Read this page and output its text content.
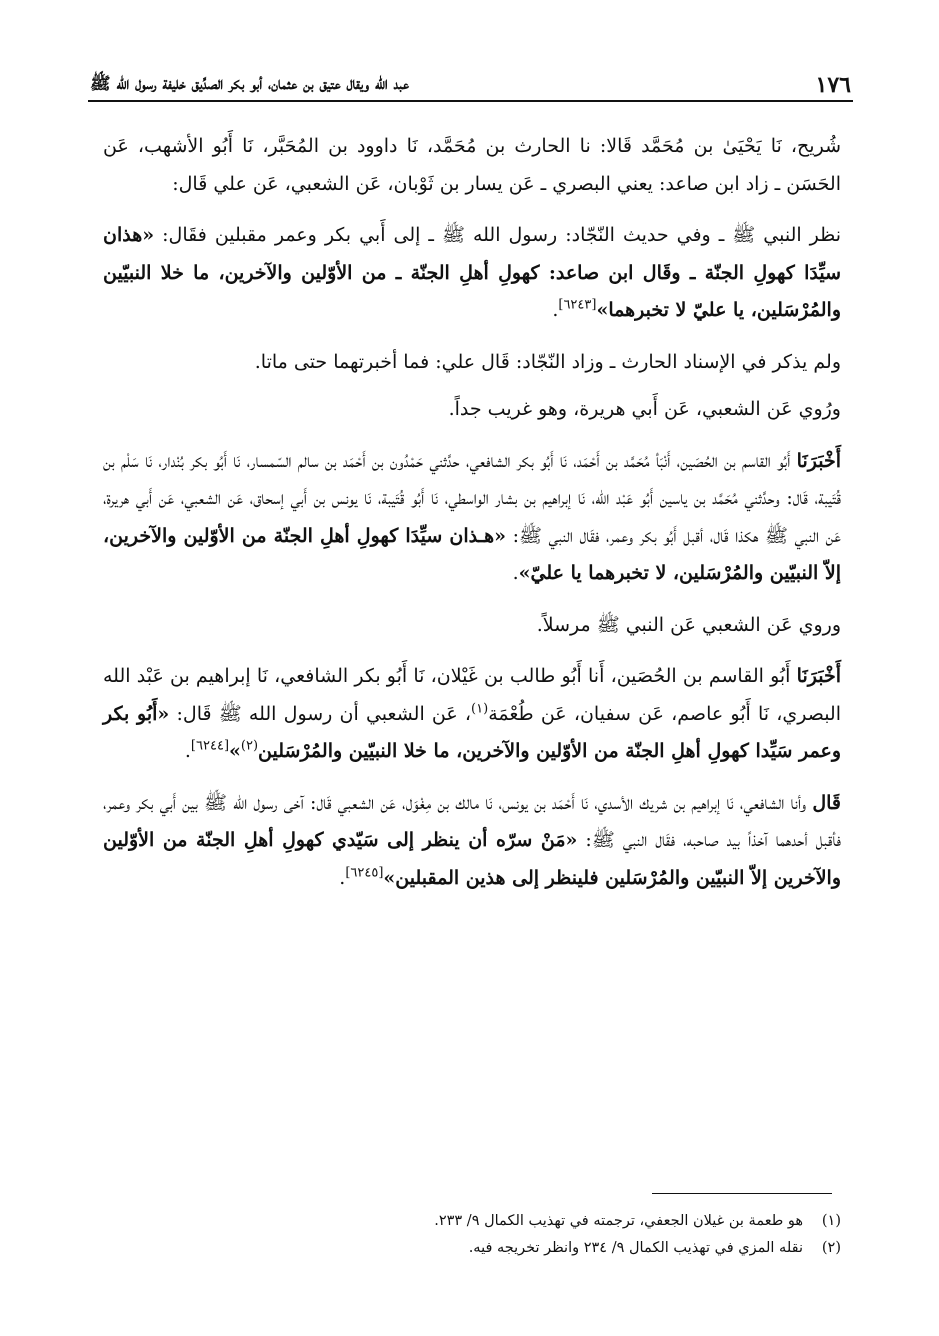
١٧٦
عبد الله ويقال عتيق بن عثمان، أبو بكر الصدِّيق خليفة رسول الله ﷺ

شُريح، نَا يَحْيَىٰ بن مُحَمَّد قَالا: نا الحارث بن مُحَمَّد، نَا داوود بن المُحَبَّر، نَا أَبُو الأشهب، عَن الحَسَن ـ زاد ابن صاعد: يعني البصري ـ عَن يسار بن ثَوْبان، عَن الشعبي، عَن علي قَال:

نظر النبي ﷺ ـ وفي حديث النّجّاد: رسول الله ﷺ ـ إلى أَبي بكر وعمر مقبلين فقَال: «هذان سيِّدَا كهولِ الجنّة ـ وقَال ابن صاعد: كهولِ أهلِ الجنّة ـ من الأوّلين والآخرين، ما خلا النبيّين والمُرْسَلين، يا عليّ لا تخبرهما»[٦٢٤٣].

ولم يذكر في الإسناد الحارث ـ وزاد النّجّاد: قَال علي: فما أخبرتهما حتى ماتا.

ورُوي عَن الشعبي، عَن أَبي هريرة، وهو غريب جداً.

أَخْبَرَنَا أَبُو القاسم بن الحُصَين، أَنْبَأ مُحَمَّد بن أَحْمَد، نَا أَبُو بكر الشافعي، حدَّثني حَمْدُون بن أَحْمَد بن سالم السّمسار، نَا أَبُو بكر بُنْدار، نَا سَلْم بن قُتَيبة، قَال: وحدَّثني مُحَمَّد بن ياسين أَبُو عَبْد الله، نَا إبراهيم بن بشار الواسطي، نَا أَبُو قُتَيبة، نَا يونس بن أَبي إسحاق، عَن الشعبي، عَن أَبي هريرة، عَن النبي ﷺ هكذا قَال، أقبل أَبُو بكر وعمر، فقَال النبي ﷺ: «هـذان سيِّدَا كهولِ أهلِ الجنّة من الأوّلين والآخرين، إلاّ النبيّين والمُرْسَلين، لا تخبرهما يا عليّ».

وروي عَن الشعبي عَن النبي ﷺ مرسلاً.

أَخْبَرَنَا أَبُو القاسم بن الحُصَين، أَنا أَبُو طالب بن غَيْلان، نَا أَبُو بكر الشافعي، نَا إبراهيم بن عَبْد الله البصري، نَا أَبُو عاصم، عَن سفيان، عَن طُعْمَة$^{(١)}$، عَن الشعبي أن رسول الله ﷺ قَال: «أَبُو بكر وعمر سَيِّدا كهولِ أهلِ الجنّة من الأوّلين والآخرين، ما خلا النبيّين والمُرْسَلين$^{(٢)}$»[٦٢٤٤].

قَال وأنا الشافعي، نَا إبراهيم بن شريك الأسدي، نَا أَحْمَد بن يونس، نَا مالك بن مِغْوَل، عَن الشعبي قَال: آخى رسول الله ﷺ بين أَبي بكر وعمر، فأقبل أحدهما آخذاً بيد صاحبه، فقَال النبي ﷺ: «مَنْ سرّه أن ينظر إلى سَيّدي كهولِ أهلِ الجنّة من الأوّلين والآخرين إلاّ النبيّين والمُرْسَلين فلينظر إلى هذين المقبلين»[٦٢٤٥].

(١)
هو طعمة بن غيلان الجعفي، ترجمته في تهذيب الكمال ٩/ ٢٣٣.
(٢)
نقله المزي في تهذيب الكمال ٩/ ٢٣٤ وانظر تخريجه فيه.
